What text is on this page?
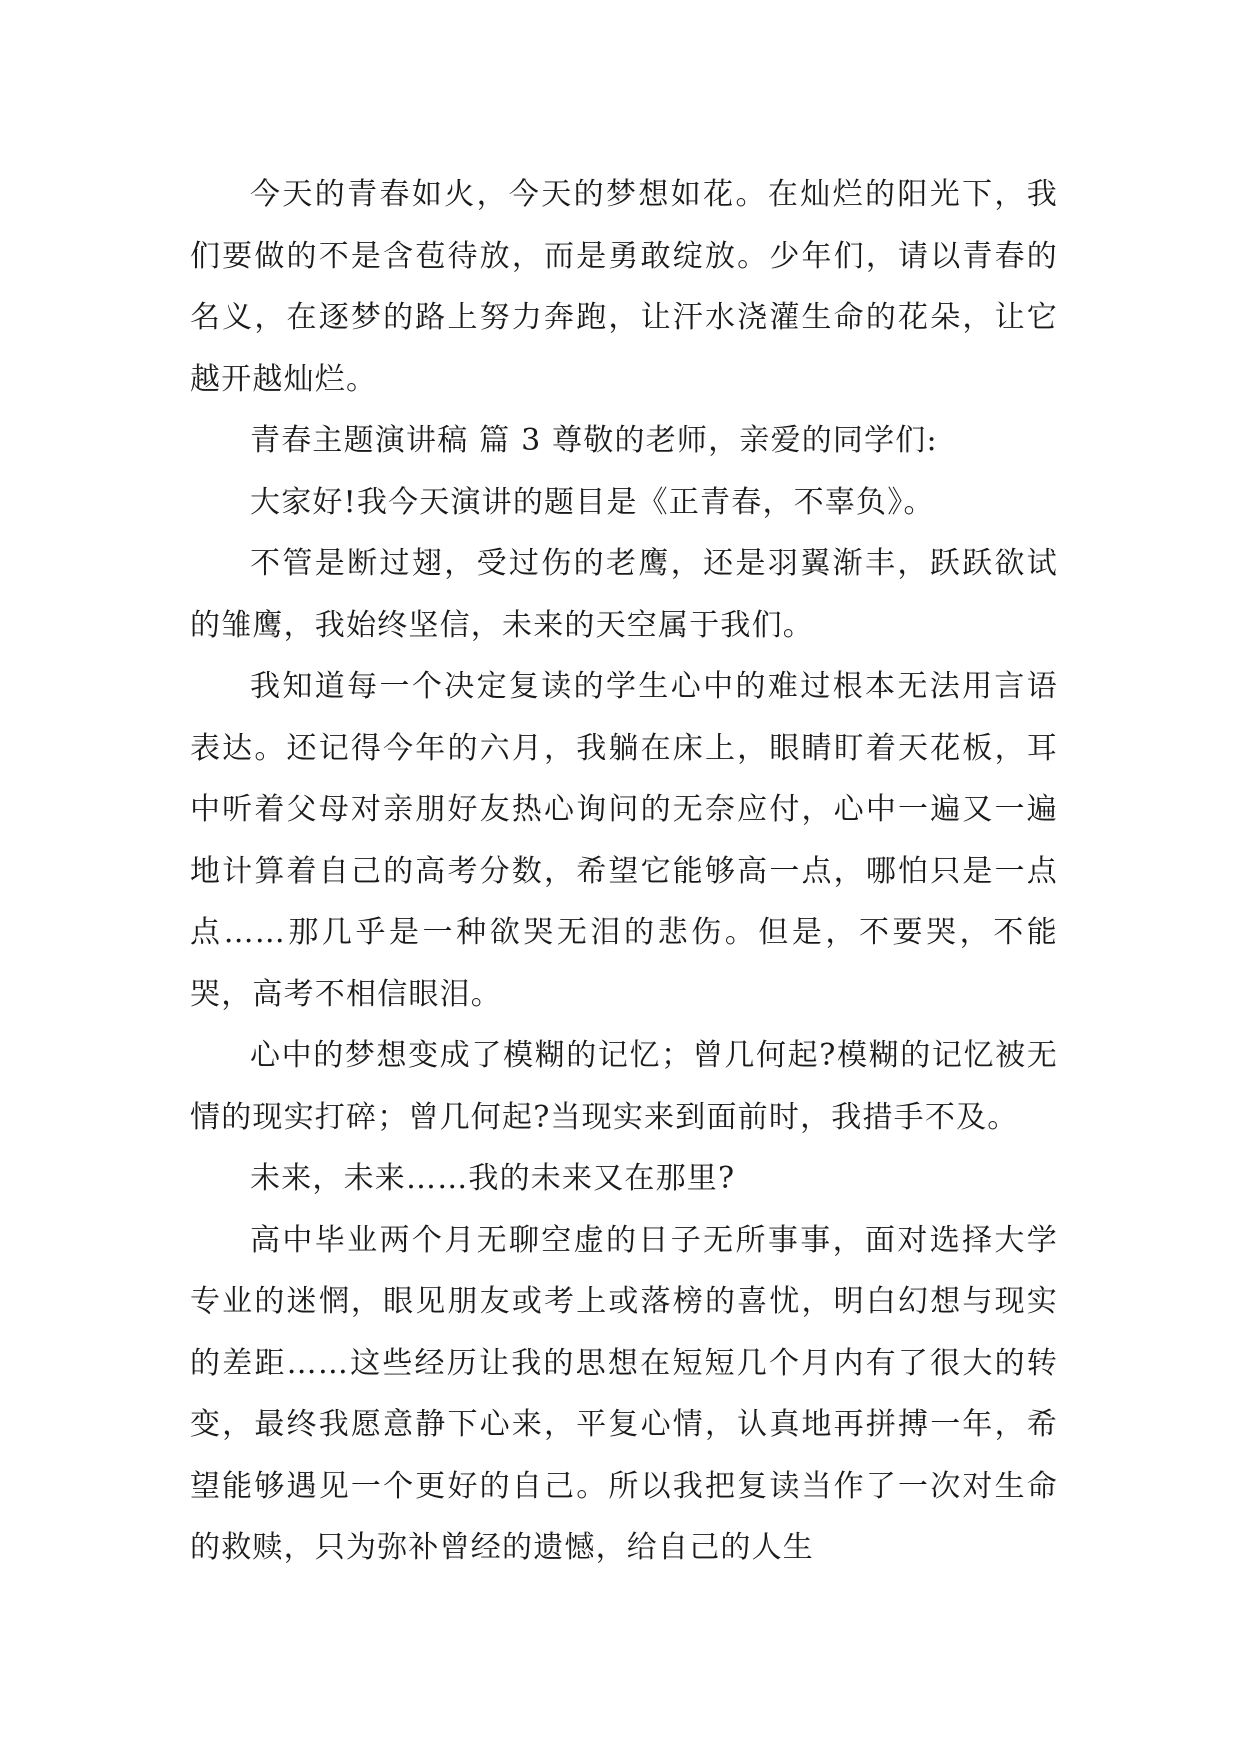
今天的青春如火，今天的梦想如花。在灿烂的阳光下，我们要做的不是含苞待放，而是勇敢绽放。少年们，请以青春的名义，在逐梦的路上努力奔跑，让汗水浇灌生命的花朵，让它越开越灿烂。

青春主题演讲稿 篇 3 尊敬的老师，亲爱的同学们:

大家好!我今天演讲的题目是《正青春，不辜负》。

不管是断过翅，受过伤的老鹰，还是羽翼渐丰，跃跃欲试的雏鹰，我始终坚信，未来的天空属于我们。

我知道每一个决定复读的学生心中的难过根本无法用言语表达。还记得今年的六月，我躺在床上，眼睛盯着天花板，耳中听着父母对亲朋好友热心询问的无奈应付，心中一遍又一遍地计算着自己的高考分数，希望它能够高一点，哪怕只是一点点……那几乎是一种欲哭无泪的悲伤。但是，不要哭，不能哭，高考不相信眼泪。

心中的梦想变成了模糊的记忆；曾几何起?模糊的记忆被无情的现实打碎；曾几何起?当现实来到面前时，我措手不及。

未来，未来……我的未来又在那里?

高中毕业两个月无聊空虚的日子无所事事，面对选择大学专业的迷惘，眼见朋友或考上或落榜的喜忧，明白幻想与现实的差距……这些经历让我的思想在短短几个月内有了很大的转变，最终我愿意静下心来，平复心情，认真地再拼搏一年，希望能够遇见一个更好的自己。所以我把复读当作了一次对生命的救赎，只为弥补曾经的遗憾，给自己的人生
